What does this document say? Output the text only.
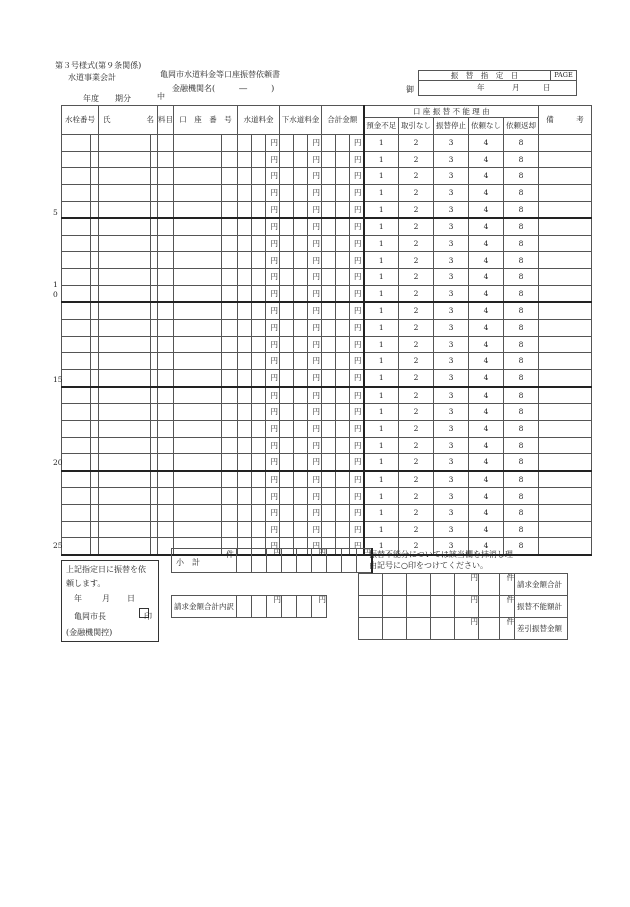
第３号様式(第９条関係)
水道事業会計	亀岡市水道料金等口座振替依頼書
金融機関名(　　　―　　　)
年度　　期分	中
御
振　替　指　定　日	PAGE

年	月	日
水栓番号		氏 名		料目	口　座　番　号		水道料金			下水道料金			合計金額			口 座 振 替 不 能 理 由					備　　　考
																預金不足	取引なし	振替停止	依頼なし	依頼返却	
									円			円			円	1	2	3	4	8	
									円			円			円	1	2	3	4	8	
									円			円			円	1	2	3	4	8	
									円			円			円	1	2	3	4	8	
									円			円			円	1	2	3	4	8	
									円			円			円	1	2	3	4	8	
									円			円			円	1	2	3	4	8	
									円			円			円	1	2	3	4	8	
									円			円			円	1	2	3	4	8	
									円			円			円	1	2	3	4	8	
									円			円			円	1	2	3	4	8	
									円			円			円	1	2	3	4	8	
									円			円			円	1	2	3	4	8	
									円			円			円	1	2	3	4	8	
									円			円			円	1	2	3	4	8	
									円			円			円	1	2	3	4	8	
									円			円			円	1	2	3	4	8	
									円			円			円	1	2	3	4	8	
									円			円			円	1	2	3	4	8	
									円			円			円	1	2	3	4	8	
									円			円			円	1	2	3	4	8	
									円			円			円	1	2	3	4	8	
									円			円			円	1	2	3	4	8	
									円			円			円	1	2	3	4	8	
									円			円			円	1	2	3	4	8	
5
1
0
15
20
25
上記指定日に振替を依
頼します。
年	月 日
亀岡市長	印
(金融機関控)
小　計
件			円			円			円
請求金額合計内訳			円			円
振替不能分については該当欄を抹消し理
由記号に○印をつけてください。
				円		件	請求金額合計
				円		件	振替不能額計
				円		件	差引振替金額
